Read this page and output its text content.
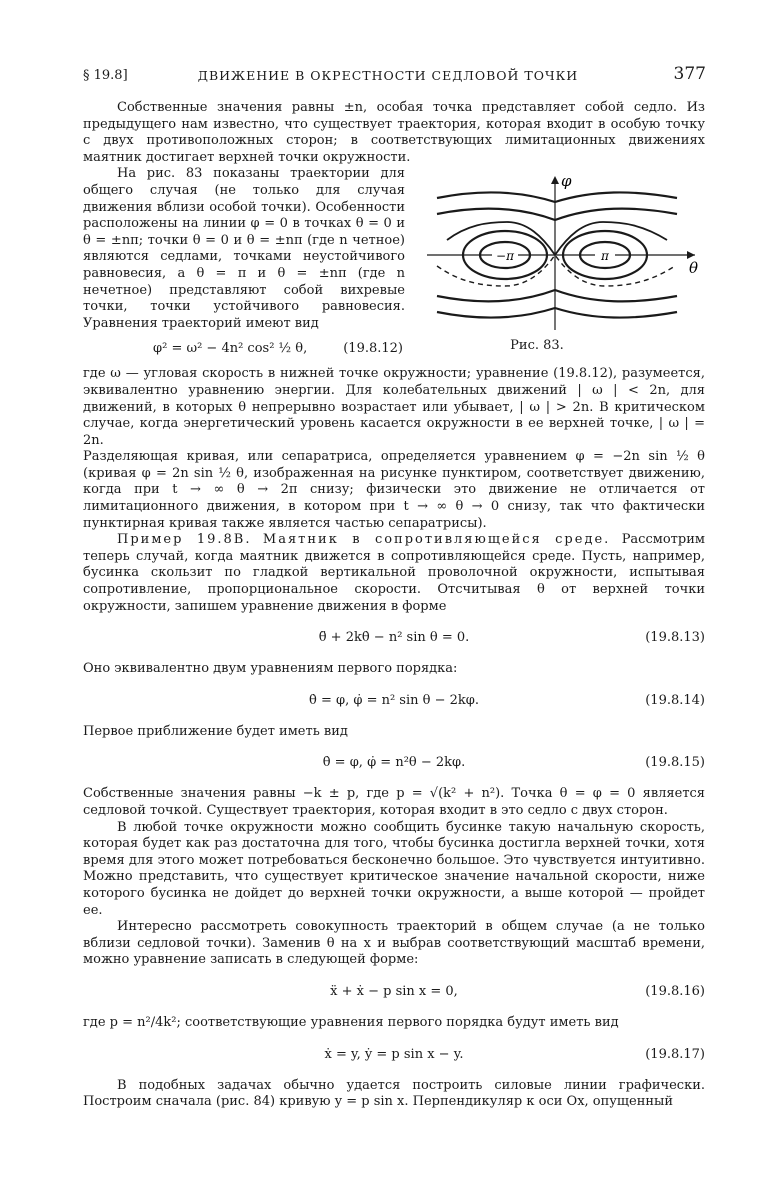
§ 19.8]	ДВИЖЕНИЕ В ОКРЕСТНОСТИ СЕДЛОВОЙ ТОЧКИ	377

Собственные значения равны ±n, особая точка представляет собой седло. Из предыдущего нам известно, что существует траектория, которая входит в особую точку с двух противоположных сторон; в соответствующих лимитационных движениях маятник достигает верхней точки окружности.

φ
θ
−π	π
Рис. 83.

На рис. 83 показаны траектории для общего случая (не только для случая движения вблизи особой точки). Особенности расположены на линии φ = 0 в точках θ = 0 и θ = ±nπ; точки θ = 0 и θ = ±nπ (где n четное) являются седлами, точками неустойчивого равновесия, а θ = π и θ = ±nπ (где n нечетное) представляют собой вихревые точки, точки устойчивого равновесия. Уравнения траекторий имеют вид

φ² = ω² − 4n² cos² ½ θ,	(19.8.12)

где ω — угловая скорость в нижней точке окружности; уравнение (19.8.12), разумеется, эквивалентно уравнению энергии. Для колебательных движений | ω | < 2n, для движений, в которых θ непрерывно возрастает или убывает, | ω | > 2n. В критическом случае, когда энергетический уровень касается окружности в ее верхней точке, | ω | = 2n.

Разделяющая кривая, или сепаратриса, определяется уравнением φ = −2n sin ½ θ (кривая φ = 2n sin ½ θ, изображенная на рисунке пунктиром, соответствует движению, когда при t → ∞ θ → 2π снизу; физически это движение не отличается от лимитационного движения, в котором при t → ∞ θ → 0 снизу, так что фактически пунктирная кривая также является частью сепаратрисы).

Пример 19.8В. Маятник в сопротивляющейся среде. Рассмотрим теперь случай, когда маятник движется в сопротивляющейся среде. Пусть, например, бусинка скользит по гладкой вертикальной проволочной окружности, испытывая сопротивление, пропорциональное скорости. Отсчитывая θ от верхней точки окружности, запишем уравнение движения в форме

θ̈ + 2kθ̇ − n² sin θ = 0.	(19.8.13)

Оно эквивалентно двум уравнениям первого порядка:

θ̇ = φ, φ̇ = n² sin θ − 2kφ.	(19.8.14)

Первое приближение будет иметь вид

θ̇ = φ, φ̇ = n²θ − 2kφ.	(19.8.15)

Собственные значения равны −k ± p, где p = √(k² + n²). Точка θ = φ = 0 является седловой точкой. Существует траектория, которая входит в это седло с двух сторон.

В любой точке окружности можно сообщить бусинке такую начальную скорость, которая будет как раз достаточна для того, чтобы бусинка достигла верхней точки, хотя время для этого может потребоваться бесконечно большое. Это чувствуется интуитивно. Можно представить, что существует критическое значение начальной скорости, ниже которого бусинка не дойдет до верхней точки окружности, а выше которой — пройдет ее.

Интересно рассмотреть совокупность траекторий в общем случае (а не только вблизи седловой точки). Заменив θ на x и выбрав соответствующий масштаб времени, можно уравнение записать в следующей форме:

ẍ + ẋ − p sin x = 0,	(19.8.16)

где p = n²/4k²; соответствующие уравнения первого порядка будут иметь вид

ẋ = y, ẏ = p sin x − y.	(19.8.17)

В подобных задачах обычно удается построить силовые линии графически. Построим сначала (рис. 84) кривую y = p sin x. Перпендикуляр к оси Ox, опущенный
